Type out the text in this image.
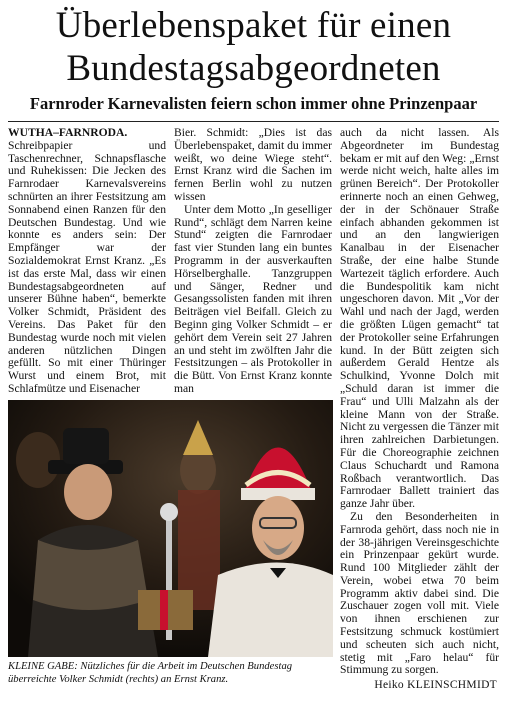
Überlebenspaket für einen Bundestagsabgeordneten
Farnroder Karnevalisten feiern schon immer ohne Prinzenpaar

WUTHA–FARNRODA. Schreibpapier und Taschenrechner, Schnapsflasche und Ruhekissen: Die Jecken des Farnrodaer Karnevalsvereins schnürten an ihrer Festsitzung am Sonnabend einen Ranzen für den Deutschen Bundestag. Und wie konnte es anders sein: Der Empfänger war der Sozialdemokrat Ernst Kranz. „Es ist das erste Mal, dass wir einen Bundestagsabgeordneten auf unserer Bühne haben“, bemerkte Volker Schmidt, Präsident des Vereins. Das Paket für den Bundestag wurde noch mit vielen anderen nützlichen Dingen gefüllt. So mit einer Thüringer Wurst und einem Brot, mit Schlafmütze und Eisenacher

Bier. Schmidt: „Dies ist das Überlebenspaket, damit du immer weißt, wo deine Wiege steht“. Ernst Kranz wird die Sachen im fernen Berlin wohl zu nutzen wissen

Unter dem Motto „In geselliger Rund“, schlägt dem Narren keine Stund“ zeigten die Farnrodaer fast vier Stunden lang ein buntes Programm in der ausverkauften Hörselberghalle. Tanzgruppen und Sänger, Redner und Gesangssolisten fanden mit ihren Beiträgen viel Beifall. Gleich zu Beginn ging Volker Schmidt – er gehört dem Verein seit 27 Jahren an und steht im zwölften Jahr die Festsitzungen – als Protokoller in die Bütt. Von Ernst Kranz konnte man

auch da nicht lassen. Als Abgeordneter im Bundestag bekam er mit auf den Weg: „Ernst werde nicht weich, halte alles im grünen Bereich“. Der Protokoller erinnerte noch an einen Gehweg, der in der Schönauer Straße einfach abhanden gekommen ist und an den langwierigen Kanalbau in der Eisenacher Straße, der eine halbe Stunde Wartezeit täglich erfordere. Auch die Bundespolitik kam nicht ungeschoren davon. Mit „Vor der Wahl und nach der Jagd, werden die größten Lügen gemacht“ tat der Protokoller seine Erfahrungen kund. In der Bütt zeigten sich außerdem Gerald Hentze als Schulkind, Yvonne Dolch mit „Schuld daran ist immer die Frau“ und Ulli Malzahn als der kleine Mann von der Straße. Nicht zu vergessen die Tänzer mit ihren zahlreichen Darbietungen. Für die Choreographie zeichnen Claus Schuchardt und Ramona Roßbach verantwortlich. Das Farnrodaer Ballett trainiert das ganze Jahr über.

Zu den Besonderheiten in Farnroda gehört, dass noch nie in der 38-jährigen Vereinsgeschichte ein Prinzenpaar gekürt wurde. Rund 100 Mitglieder zählt der Verein, wobei etwa 70 beim Programm aktiv dabei sind. Die Zuschauer zogen voll mit. Viele von ihnen erschienen zur Festsitzung schmuck kostümiert und scheuten sich auch nicht, stetig mit „Faro helau“ für Stimmung zu sorgen.

KLEINE GABE: Nützliches für die Arbeit im Deutschen Bundestag überreichte Volker Schmidt (rechts) an Ernst Kranz.	Heiko KLEINSCHMIDT
